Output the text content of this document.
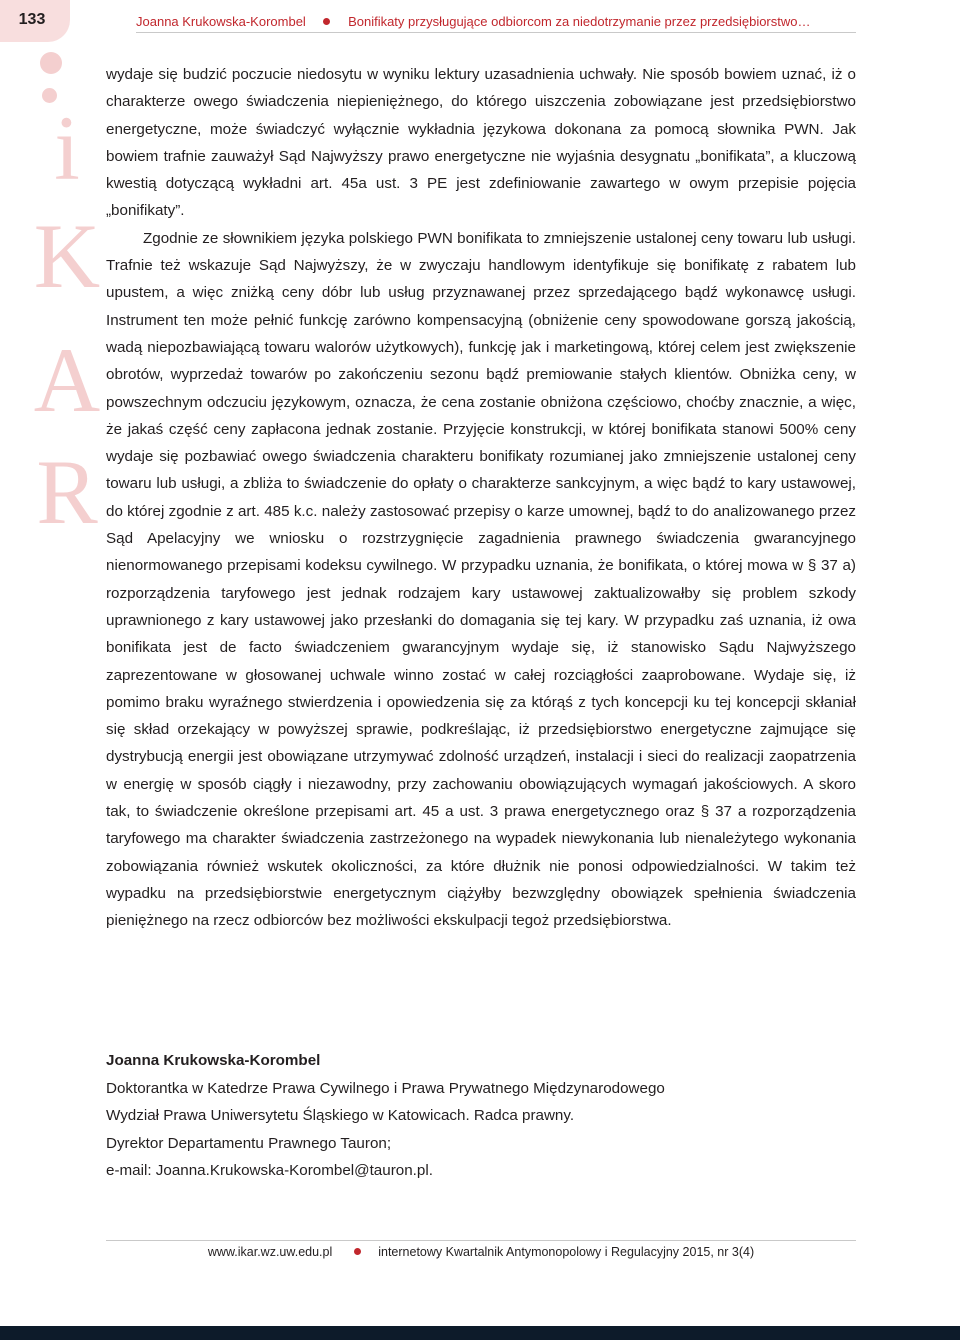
133	Joanna Krukowska-Korombel	Bonifikaty przysługujące odbiorcom za niedotrzymanie przez przedsiębiorstwo…
i
K
A
R

wydaje się budzić poczucie niedosytu w wyniku lektury uzasadnienia uchwały. Nie sposób bowiem uznać, iż o charakterze owego świadczenia niepieniężnego, do którego uiszczenia zobowiązane jest przedsiębiorstwo energetyczne, może świadczyć wyłącznie wykładnia językowa dokonana za pomocą słownika PWN. Jak bowiem trafnie zauważył Sąd Najwyższy prawo energetyczne nie wyjaśnia desygnatu „bonifikata”, a kluczową kwestią dotyczącą wykładni art. 45a ust. 3 PE jest zdefiniowanie zawartego w owym przepisie pojęcia „bonifikaty”.

Zgodnie ze słownikiem języka polskiego PWN bonifikata to zmniejszenie ustalonej ceny towaru lub usługi. Trafnie też wskazuje Sąd Najwyższy, że w zwyczaju handlowym identyfikuje się bonifikatę z rabatem lub upustem, a więc zniżką ceny dóbr lub usług przyznawanej przez sprzedającego bądź wykonawcę usługi. Instrument ten może pełnić funkcję zarówno kompensacyjną (obniżenie ceny spowodowane gorszą jakością, wadą niepozbawiającą towaru walorów użytkowych), funkcję jak i marketingową, której celem jest zwiększenie obrotów, wyprzedaż towarów po zakończeniu sezonu bądź premiowanie stałych klientów. Obniżka ceny, w powszechnym odczuciu językowym, oznacza, że cena zostanie obniżona częściowo, choćby znacznie, a więc, że jakaś część ceny zapłacona jednak zostanie. Przyjęcie konstrukcji, w której bonifikata stanowi 500% ceny wydaje się pozbawiać owego świadczenia charakteru bonifikaty rozumianej jako zmniejszenie ustalonej ceny towaru lub usługi, a zbliża to świadczenie do opłaty o charakterze sankcyjnym, a więc bądź to kary ustawowej, do której zgodnie z art. 485 k.c. należy zastosować przepisy o karze umownej, bądź to do analizowanego przez Sąd Apelacyjny we wniosku o rozstrzygnięcie zagadnienia prawnego świadczenia gwarancyjnego nienormowanego przepisami kodeksu cywilnego. W przypadku uznania, że bonifikata, o której mowa w § 37 a) rozporządzenia taryfowego jest jednak rodzajem kary ustawowej zaktualizowałby się problem szkody uprawnionego z kary ustawowej jako przesłanki do domagania się tej kary. W przypadku zaś uznania, iż owa bonifikata jest de facto świadczeniem gwarancyjnym wydaje się, iż stanowisko Sądu Najwyższego zaprezentowane w głosowanej uchwale winno zostać w całej rozciągłości zaaprobowane. Wydaje się, iż pomimo braku wyraźnego stwierdzenia i opowiedzenia się za którąś z tych koncepcji ku tej koncepcji skłaniał się skład orzekający w powyższej sprawie, podkreślając, iż przedsiębiorstwo energetyczne zajmujące się dystrybucją energii jest obowiązane utrzymywać zdolność urządzeń, instalacji i sieci do realizacji zaopatrzenia w energię w sposób ciągły i niezawodny, przy zachowaniu obowiązujących wymagań jakościowych. A skoro tak, to świadczenie określone przepisami art. 45 a ust. 3 prawa energetycznego oraz § 37 a rozporządzenia taryfowego ma charakter świadczenia zastrzeżonego na wypadek niewykonania lub nienależytego wykonania zobowiązania również wskutek okoliczności, za które dłużnik nie ponosi odpowiedzialności. W takim też wypadku na przedsiębiorstwie energetycznym ciążyłby bezwzględny obowiązek spełnienia świadczenia pieniężnego na rzecz odbiorców bez możliwości ekskulpacji tegoż przedsiębiorstwa.

Joanna Krukowska-Korombel
Doktorantka w Katedrze Prawa Cywilnego i Prawa Prywatnego Międzynarodowego
Wydział Prawa Uniwersytetu Śląskiego w Katowicach. Radca prawny.
Dyrektor Departamentu Prawnego Tauron;
e-mail: Joanna.Krukowska-Korombel@tauron.pl.
www.ikar.wz.uw.edu.pl	internetowy Kwartalnik Antymonopolowy i Regulacyjny 2015, nr 3(4)
